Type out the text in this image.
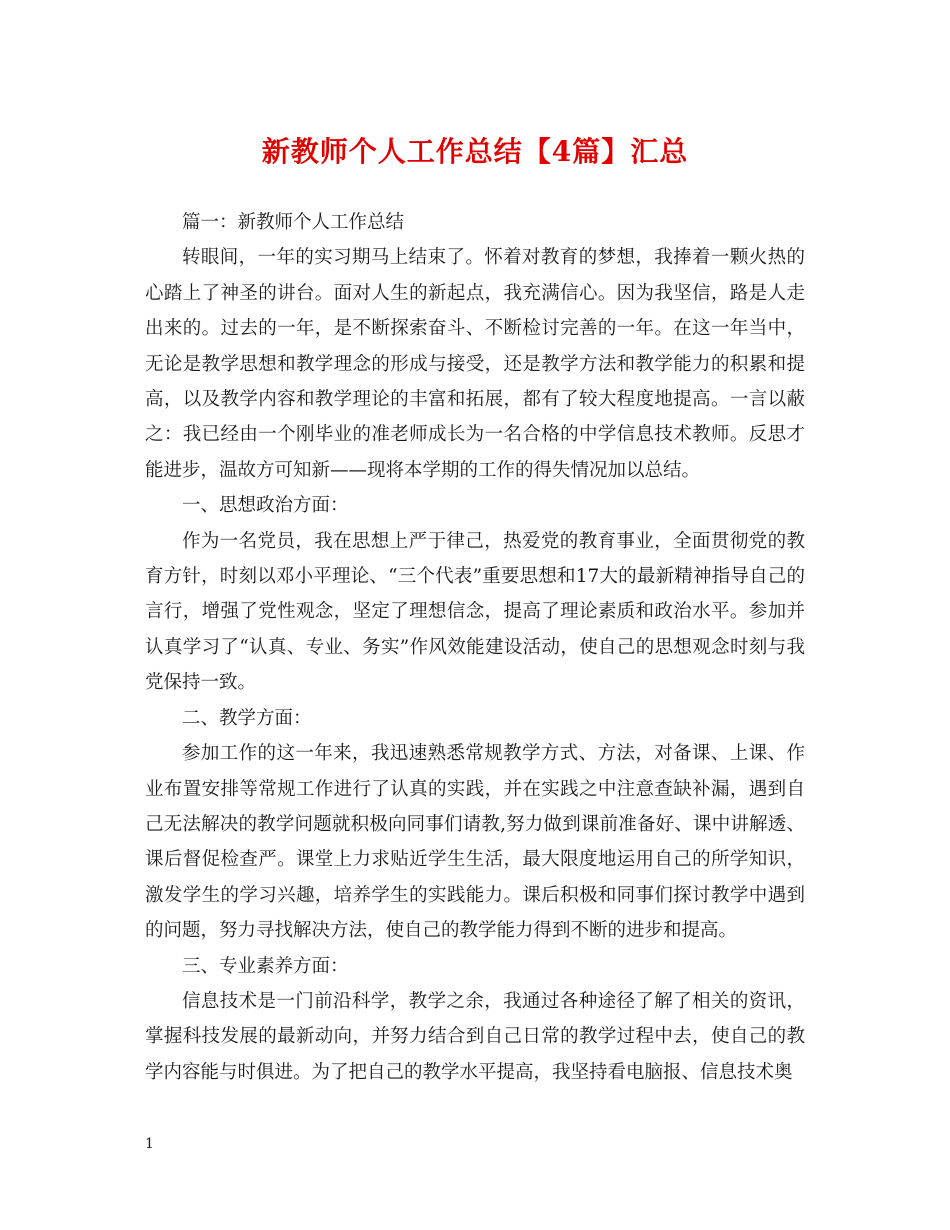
新教师个人工作总结【4篇】汇总

篇一：新教师个人工作总结

转眼间，一年的实习期马上结束了。怀着对教育的梦想，我捧着一颗火热的心踏上了神圣的讲台。面对人生的新起点，我充满信心。因为我坚信，路是人走出来的。过去的一年，是不断探索奋斗、不断检讨完善的一年。在这一年当中，无论是教学思想和教学理念的形成与接受，还是教学方法和教学能力的积累和提高，以及教学内容和教学理论的丰富和拓展，都有了较大程度地提高。一言以蔽之：我已经由一个刚毕业的准老师成长为一名合格的中学信息技术教师。反思才能进步，温故方可知新——现将本学期的工作的得失情况加以总结。

一、思想政治方面：

作为一名党员，我在思想上严于律己，热爱党的教育事业，全面贯彻党的教育方针，时刻以邓小平理论、“三个代表”重要思想和17大的最新精神指导自己的言行，增强了党性观念，坚定了理想信念，提高了理论素质和政治水平。参加并认真学习了“认真、专业、务实”作风效能建设活动，使自己的思想观念时刻与我党保持一致。

二、教学方面：

参加工作的这一年来，我迅速熟悉常规教学方式、方法，对备课、上课、作业布置安排等常规工作进行了认真的实践，并在实践之中注意查缺补漏，遇到自己无法解决的教学问题就积极向同事们请教,努力做到课前准备好、课中讲解透、课后督促检查严。课堂上力求贴近学生生活，最大限度地运用自己的所学知识，激发学生的学习兴趣，培养学生的实践能力。课后积极和同事们探讨教学中遇到的问题，努力寻找解决方法，使自己的教学能力得到不断的进步和提高。

三、专业素养方面：

信息技术是一门前沿科学，教学之余，我通过各种途径了解了相关的资讯，掌握科技发展的最新动向，并努力结合到自己日常的教学过程中去，使自己的教学内容能与时俱进。为了把自己的教学水平提高，我坚持看电脑报、信息技术奥

1
